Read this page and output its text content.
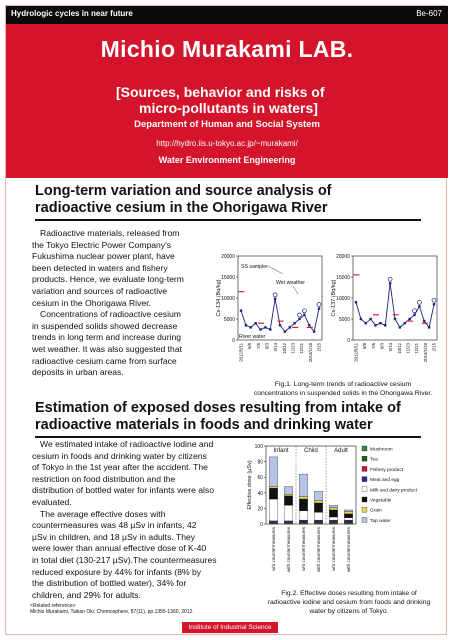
Hydrologic cycles in near future	Be-607
Michio Murakami LAB.
[Sources, behavior and risks of
micro-pollutants in waters]
Department of Human and Social System
http://hydro.iis.u-tokyo.ac.jp/~murakami/
Water Environment Engineering
Long-term variation and source analysis of
radioactive cesium in the Ohorigawa River
Radioactive materials, released from
the Tokyo Electric Power Company's
Fukushima nuclear power plant, have
been detected in waters and fishery
products. Hence, we evaluate long-term
variation and sources of radioactive
cesium in the Ohorigawa River.
Concentrations of radioactive cesium
in suspended solids showed decrease
trends in long term and increase during
wet weather. It was also suggested that
radioactive cesium came from surface
deposits in urban areas.
0
5000
10000
15000
20000
Cs-134 (Bq/kg)
2012/5/11 6/8 7/6 8/3 9/14 10/12 11/23 12/21 2013/1/18 2/15
SS sampler
Wet weather
River water
0
5000
10000
15000
20000
Cs-137 (Bq/kg)
2012/5/11 6/8 7/6 8/3 9/14 10/12 11/23 12/21 2013/1/18 2/15
Fig.1. Long-term trends of radioactive cesium
concentrations in suspended solids in the Ohorigawa River.
Estimation of exposed doses resulting from intake of
radioactive materials in foods and drinking water
We estimated intake of radioactive iodine and
cesium in foods and drinking water by citizens
of Tokyo in the 1st year after the accident. The
restriction on food distribution and the
distribution of bottled water for infants were also
evaluated.
The average effective doses with
countermeasures was 48 µSv in infants, 42
µSv in children, and 18 µSv in adults. They
were lower than annual effective dose of K-40
in total diet (130-217 µSv).The countermeasures
reduced exposure by 44% for infants (8% by
the distribution of bottled water), 34% for
children, and 29% for adults.
<Related reference>
Michio Murakami, Taikan Oki, Chemosphere, 87(11), pp.1355-1360, 2012.
0
20
40
60
80
100
Effective dose (µSv)
Infant	Child	Adult
w/o countermeasures with countermeasures w/o countermeasures with countermeasures w/o countermeasures with countermeasures
Mushroom
Tea
Fishery product
Meat and egg
Milk and dairy product
Vegetable
Grain
Tap water
Fig.2. Effective doses resulting from intake of
radioactive iodine and cesium from foods and drinking
water by citizens of Tokyo.
Institute of Industrial Science
